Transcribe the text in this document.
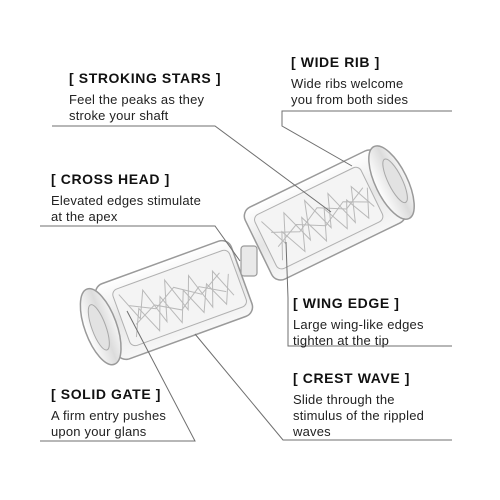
[ STROKING STARS ]
Feel the peaks as they
stroke your shaft
[ WIDE RIB ]
Wide ribs welcome
you from both sides
[ CROSS HEAD ]
Elevated edges stimulate
at the apex
[ WING EDGE ]
Large wing-like edges
tighten at the tip
[ SOLID GATE ]
A firm entry pushes
upon your glans
[ CREST WAVE ]
Slide through the
stimulus of the rippled
waves
